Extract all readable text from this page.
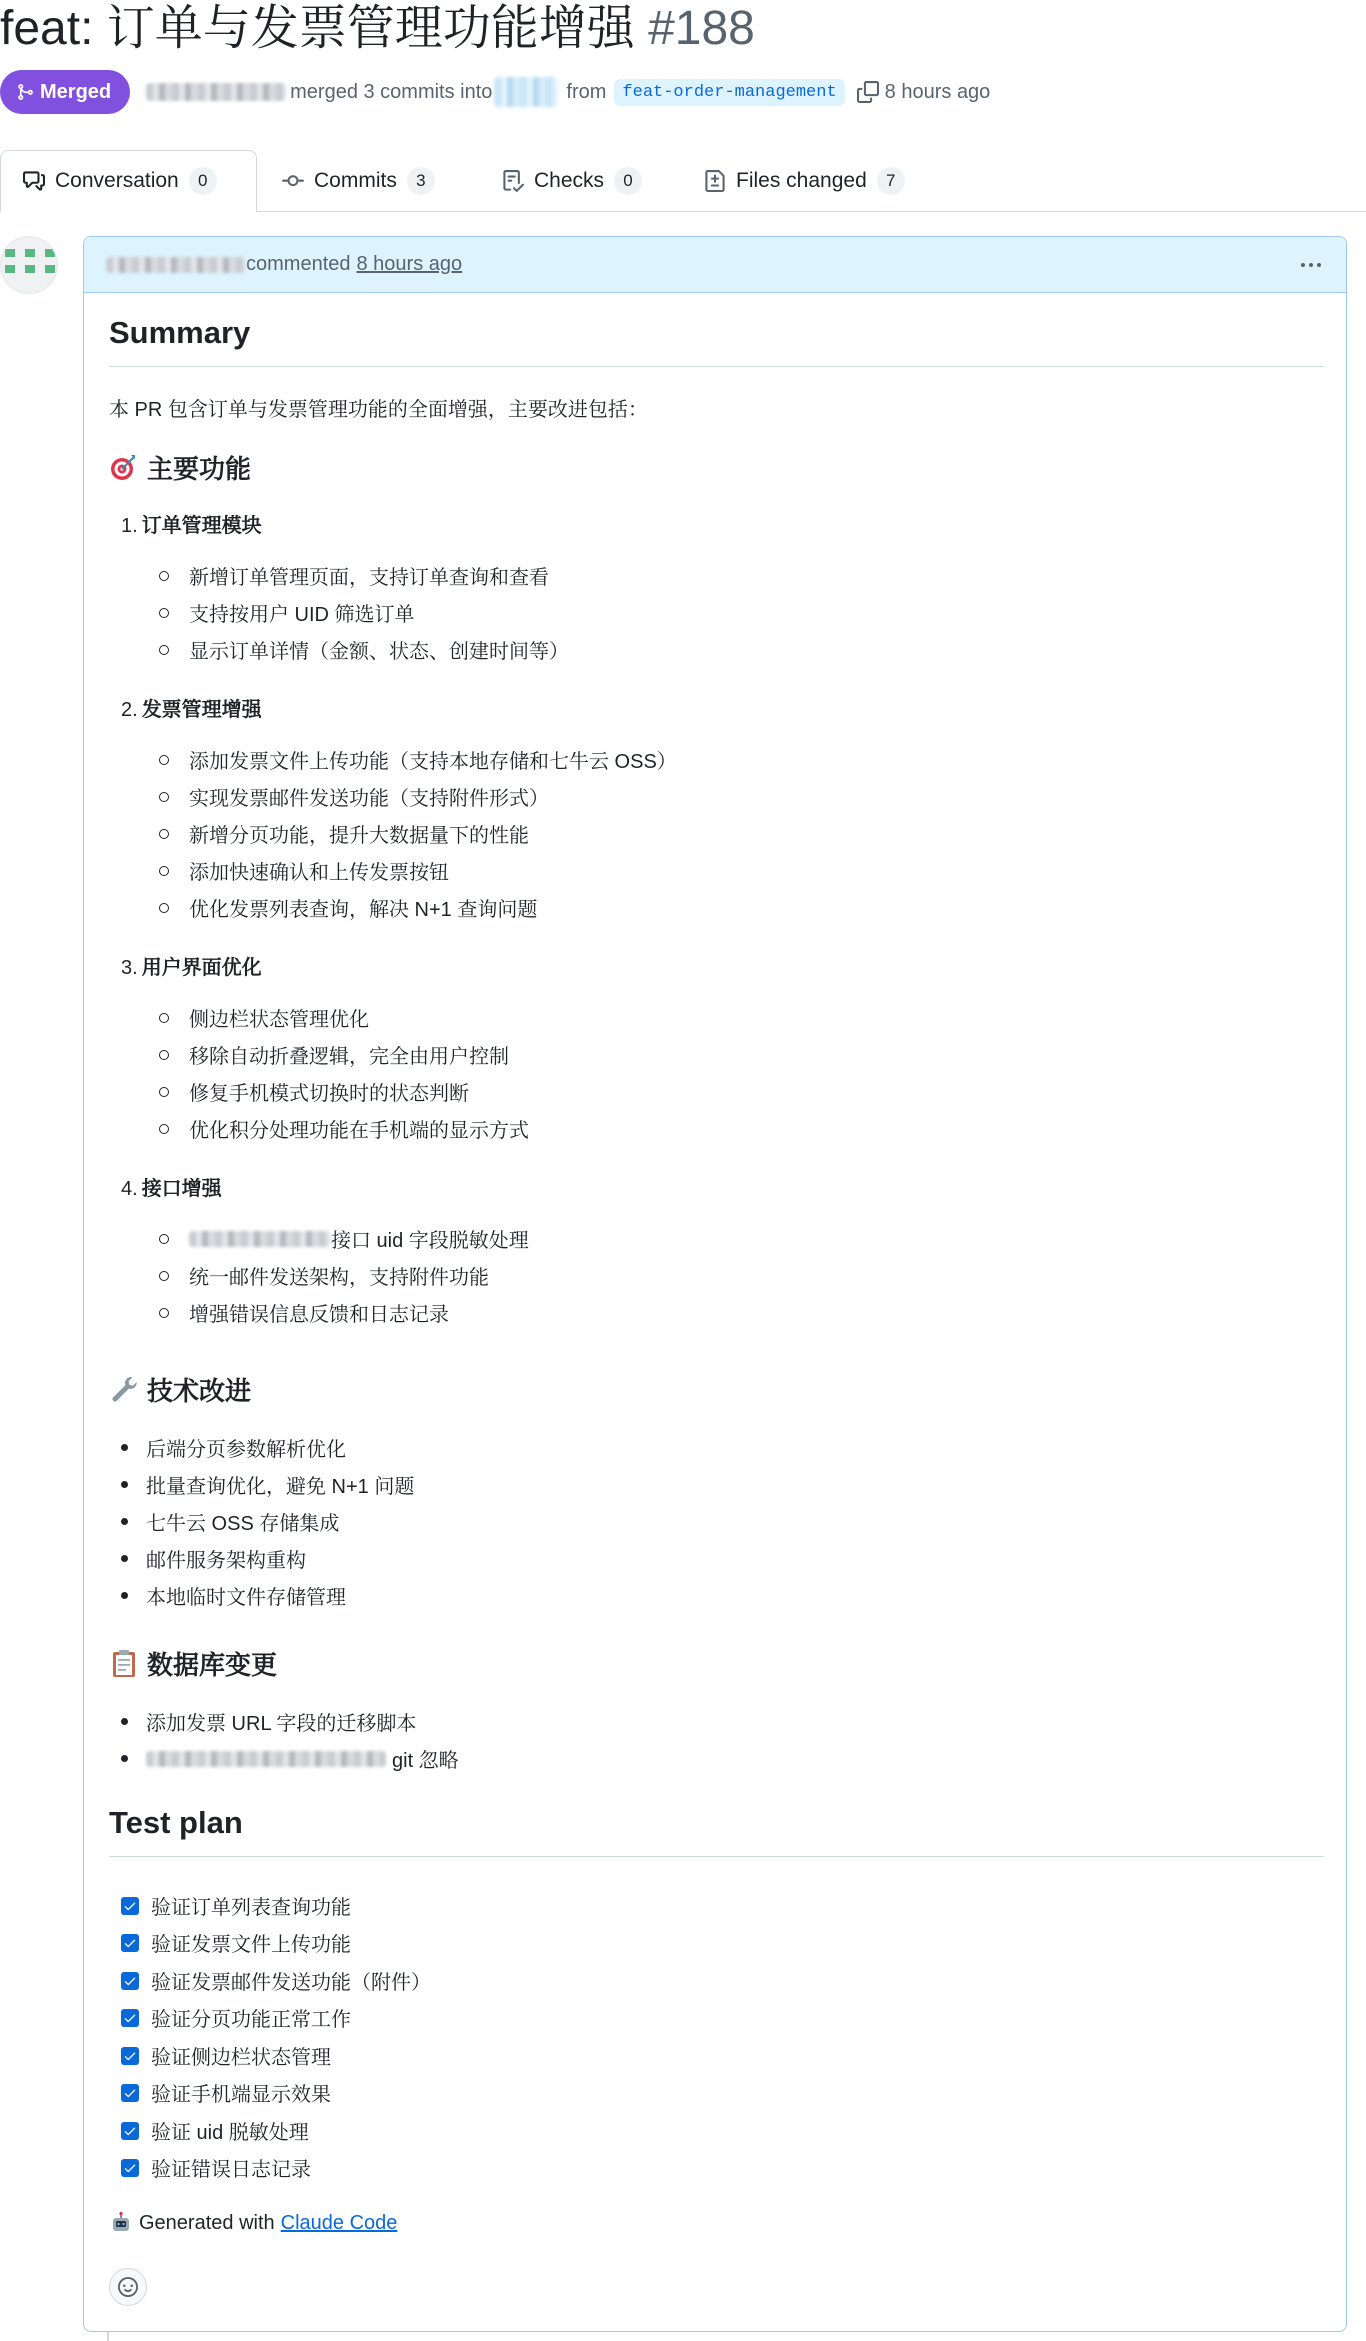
feat: 订单与发票管理功能增强 #188
Merged	merged 3 commits into	from feat-order-management	8 hours ago
Conversation	0	Commits	3	Checks	0	Files changed	7
commented 8 hours ago
Summary
本 PR 包含订单与发票管理功能的全面增强，主要改进包括：
主要功能
1. 订单管理模块
新增订单管理页面，支持订单查询和查看
支持按用户 UID 筛选订单
显示订单详情（金额、状态、创建时间等）
2. 发票管理增强
添加发票文件上传功能（支持本地存储和七牛云 OSS）
实现发票邮件发送功能（支持附件形式）
新增分页功能，提升大数据量下的性能
添加快速确认和上传发票按钮
优化发票列表查询，解决 N+1 查询问题
3. 用户界面优化
侧边栏状态管理优化
移除自动折叠逻辑，完全由用户控制
修复手机模式切换时的状态判断
优化积分处理功能在手机端的显示方式
4. 接口增强
接口 uid 字段脱敏处理
统一邮件发送架构，支持附件功能
增强错误信息反馈和日志记录
技术改进
后端分页参数解析优化
批量查询优化，避免 N+1 问题
七牛云 OSS 存储集成
邮件服务架构重构
本地临时文件存储管理
数据库变更
添加发票 URL 字段的迁移脚本
git 忽略
Test plan
验证订单列表查询功能
验证发票文件上传功能
验证发票邮件发送功能（附件）
验证分页功能正常工作
验证侧边栏状态管理
验证手机端显示效果
验证 uid 脱敏处理
验证错误日志记录
Generated with Claude Code
